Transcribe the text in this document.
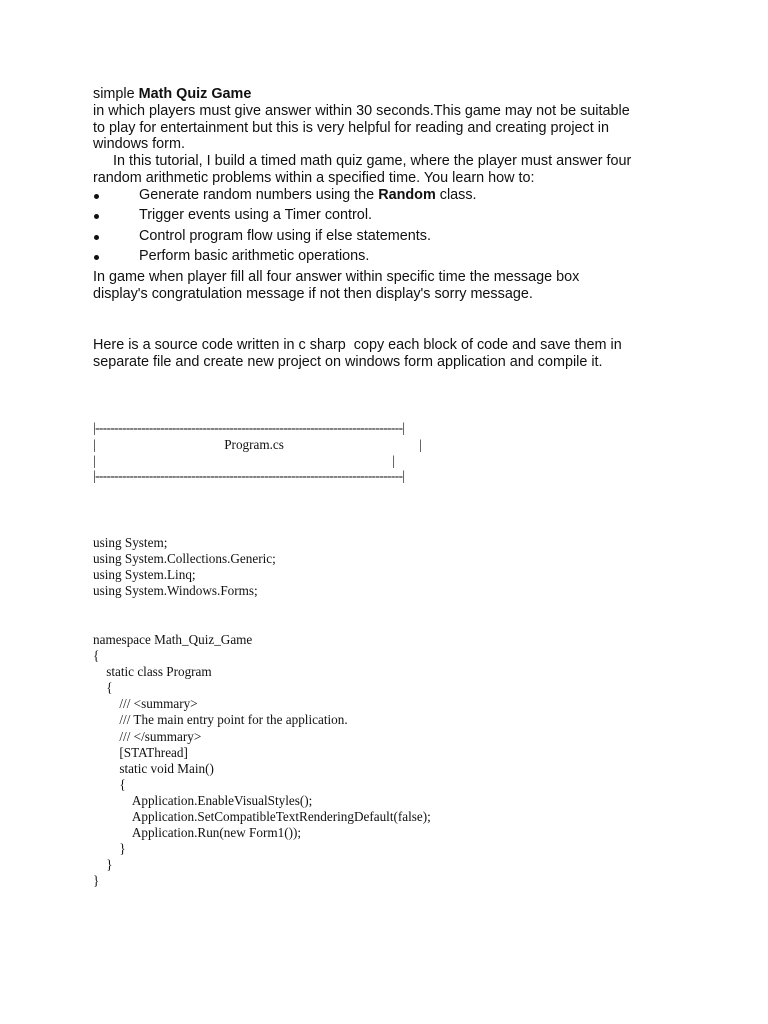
simple Math Quiz Game
in which players must give answer within 30 seconds.This game may not be suitable
to play for entertainment but this is very helpful for reading and creating project in
windows form.
In this tutorial, I build a timed math quiz game, where the player must answer four
random arithmetic problems within a specified time. You learn how to:
Generate random numbers using the Random class.
Trigger events using a Timer control.
Control program flow using if else statements.
Perform basic arithmetic operations.
In game when player fill all four answer within specific time the message box
display's congratulation message if not then display's sorry message.
Here is a source code written in c sharp  copy each block of code and save them in
separate file and create new project on windows form application and compile it.
|--------------------------------------------------------------------------------|
|                                       Program.cs                                         |
|                                                                                          |
|--------------------------------------------------------------------------------|
using System;
using System.Collections.Generic;
using System.Linq;
using System.Windows.Forms;
namespace Math_Quiz_Game
{
static class Program
{
/// <summary>
/// The main entry point for the application.
/// </summary>
[STAThread]
static void Main()
{
Application.EnableVisualStyles();
Application.SetCompatibleTextRenderingDefault(false);
Application.Run(new Form1());
}
}
}
